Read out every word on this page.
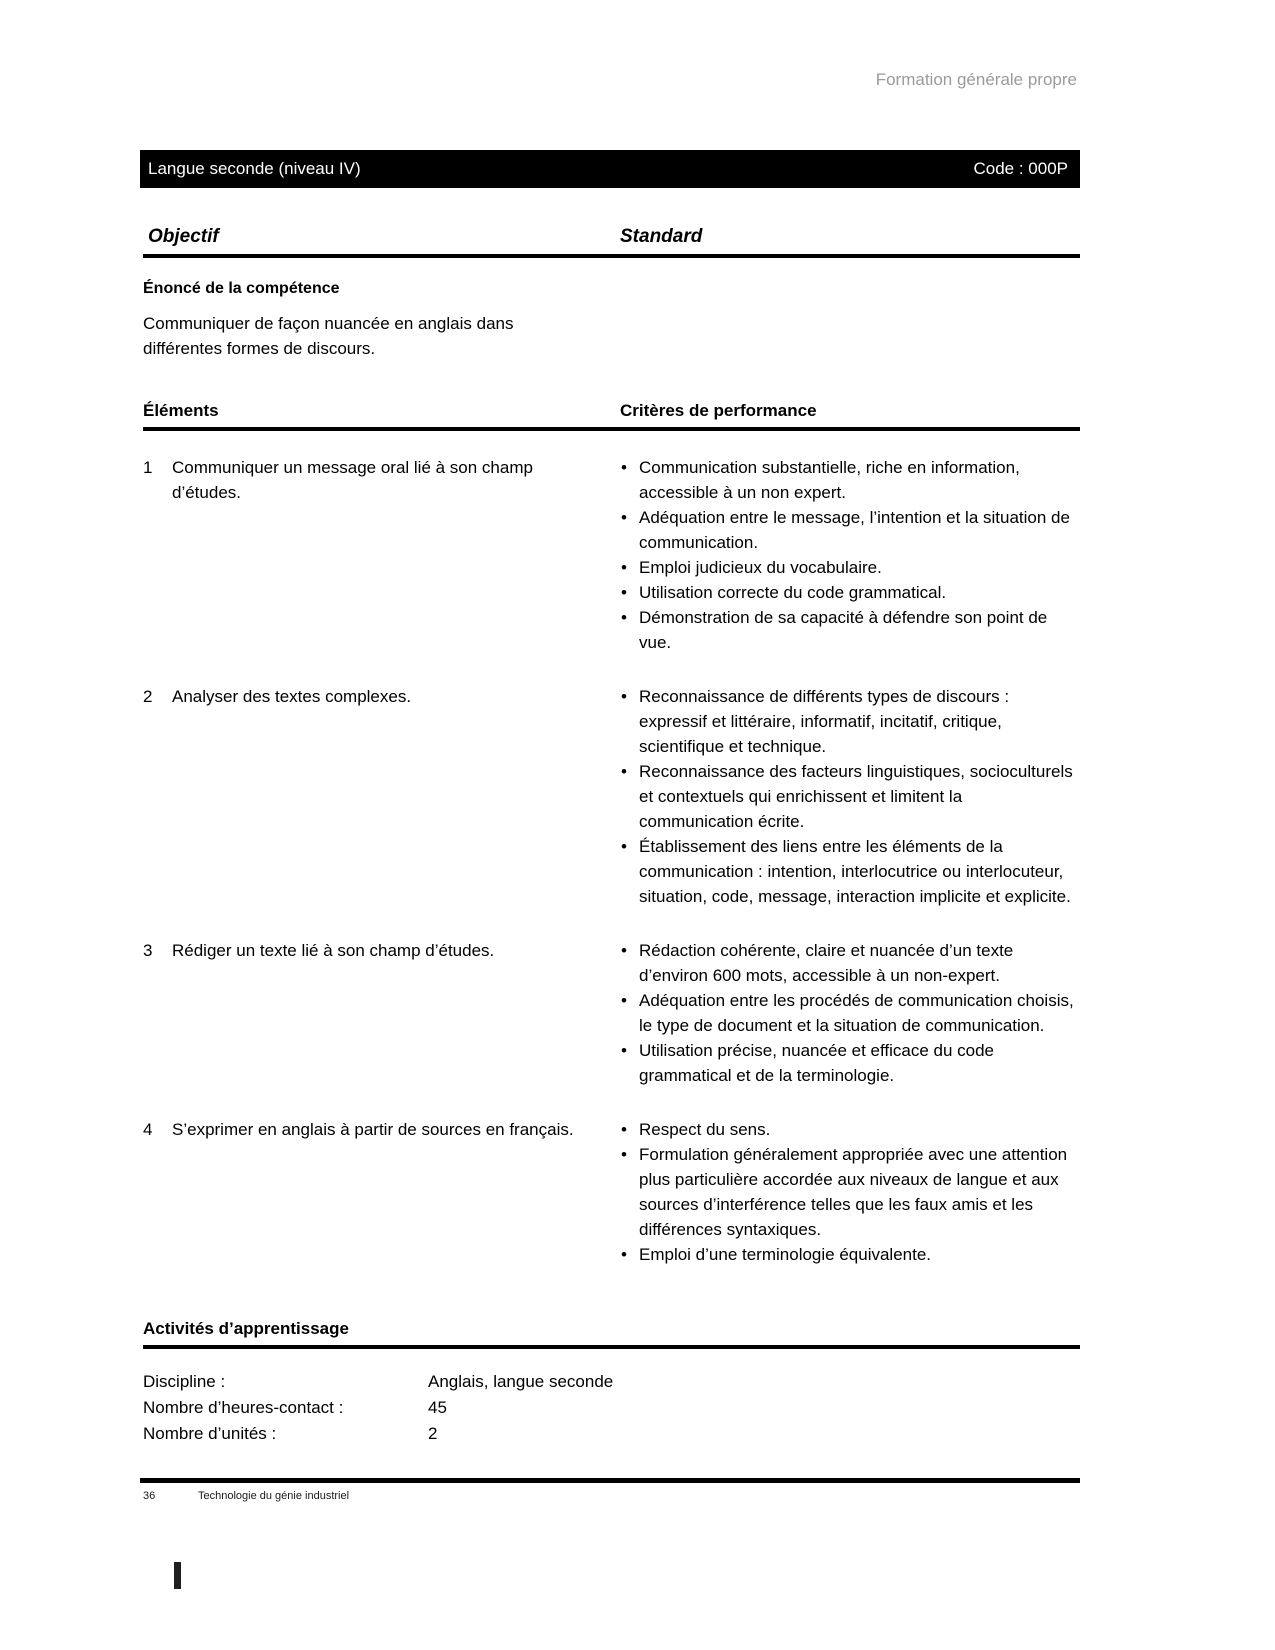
Formation générale propre
Langue seconde (niveau IV)	Code : 000P
Objectif	Standard
Énoncé de la compétence
Communiquer de façon nuancée en anglais dans différentes formes de discours.
Éléments	Critères de performance
1	Communiquer un message oral lié à son champ d’études.
• Communication substantielle, riche en information, accessible à un non expert.
• Adéquation entre le message, l’intention et la situation de communication.
• Emploi judicieux du vocabulaire.
• Utilisation correcte du code grammatical.
• Démonstration de sa capacité à défendre son point de vue.
2	Analyser des textes complexes.	• Reconnaissance de différents types de discours : expressif et littéraire, informatif, incitatif, critique, scientifique et technique.
• Reconnaissance des facteurs linguistiques, socioculturels et contextuels qui enrichissent et limitent la communication écrite.
• Établissement des liens entre les éléments de la communication : intention, interlocutrice ou interlocuteur, situation, code, message, interaction implicite et explicite.
3	Rédiger un texte lié à son champ d’études.	• Rédaction cohérente, claire et nuancée d’un texte d’environ 600 mots, accessible à un non-expert.
• Adéquation entre les procédés de communication choisis, le type de document et la situation de communication.
• Utilisation précise, nuancée et efficace du code grammatical et de la terminologie.
4	S’exprimer en anglais à partir de sources en français.	• Respect du sens.
• Formulation généralement appropriée avec une attention plus particulière accordée aux niveaux de langue et aux sources d’interférence telles que les faux amis et les différences syntaxiques.
• Emploi d’une terminologie équivalente.
Activités d’apprentissage
Discipline :	Anglais, langue seconde
Nombre d’heures-contact :	45
Nombre d’unités :	2
36	Technologie du génie industriel
